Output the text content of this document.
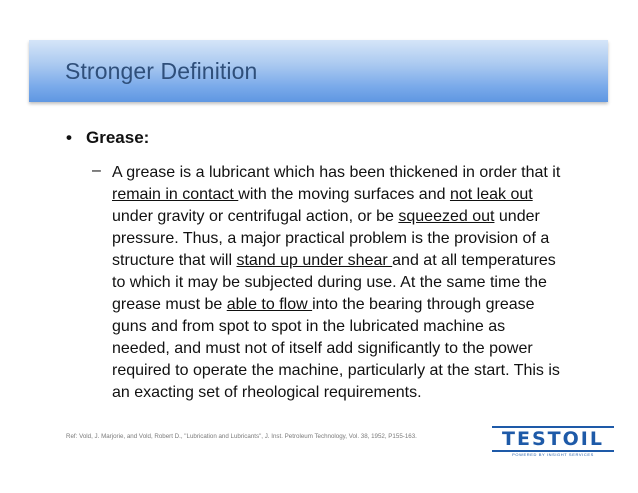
Stronger Definition
• Grease:
– A grease is a lubricant which has been thickened in order that it
remain in contact with the moving surfaces and not leak out
under gravity or centrifugal action, or be squeezed out under
pressure. Thus, a major practical problem is the provision of a
structure that will stand up under shear and at all temperatures
to which it may be subjected during use. At the same time the
grease must be able to flow into the bearing through grease
guns and from spot to spot in the lubricated machine as
needed, and must not of itself add significantly to the power
required to operate the machine, particularly at the start. This is
an exacting set of rheological requirements.
Ref: Vold, J. Marjorie, and Vold, Robert D., "Lubrication and Lubricants", J. Inst. Petroleum Technology, Vol. 38, 1952, P155-163.	TESTOIL
POWERED BY INSIGHT SERVICES
